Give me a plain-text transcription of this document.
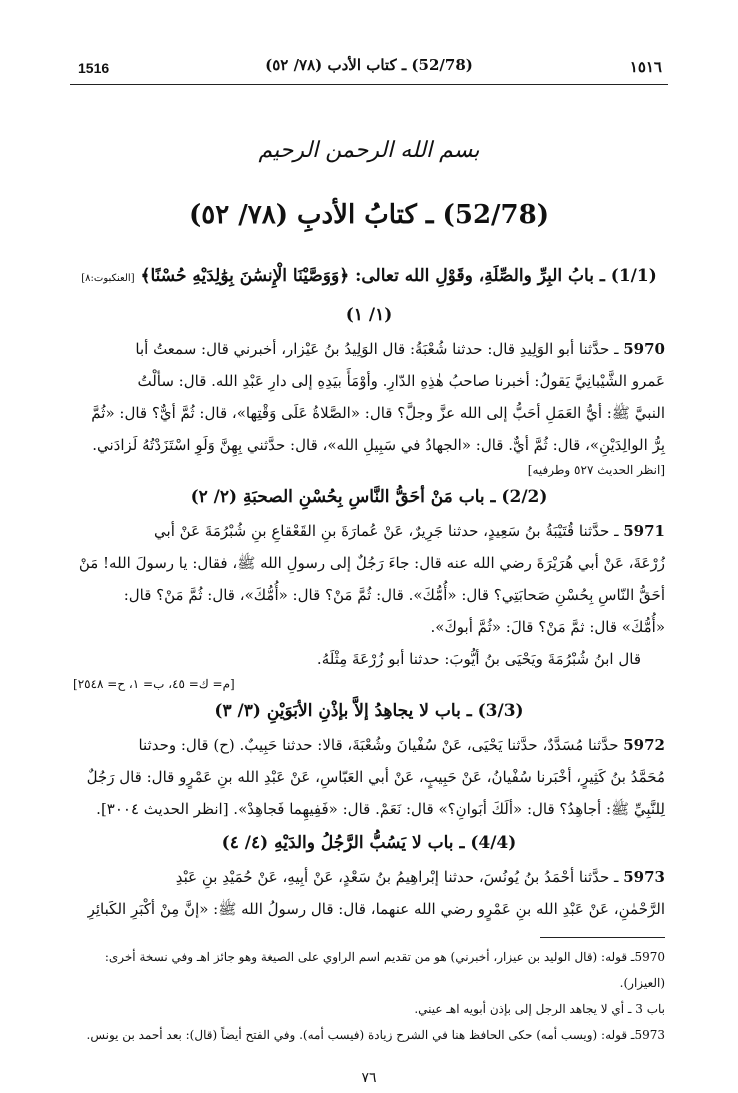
1516	(52/78) ـ كتاب الأدب (٧٨/ ٥٢)	١٥١٦
بسم الله الرحمن الرحيم
(52/78) ـ كتابُ الأدبِ (٧٨/ ٥٢)

(1/1) ـ بابُ البِرِّ والصِّلَةِ، وقَوْلِ الله تعالى: ﴿وَوَصَّيْنَا الْإِنسَٰنَ بِوَٰلِدَيْهِ حُسْنًا﴾ [العنكبوت:٨] (١/ ١)

5970 ـ حدَّثنا أبو الوَلِيدِ قال: حدثنا شُعْبَةُ: قال الوَلِيدُ بنُ عَيْزار، أخبرني قال: سمعتُ أبا

عَمرو الشَّيْبانِيَّ يَقولُ: أخبرنا صاحبُ هٰذِهِ الدّارِ. وأوْمَأَ بيَدِهِ إلى دارِ عَبْدِ الله. قال: سألْتُ

النبيَّ ﷺ: أيُّ العَمَلِ أحَبُّ إلى الله عزَّ وجلَّ؟ قال: «الصَّلاةُ عَلَى وَقْتِها»، قال: ثُمَّ أيٌّ؟ قال: «ثُمَّ

بِرُّ الوالِدَيْنِ»، قال: ثُمَّ أيٌّ. قال: «الجهادُ في سَبِيلِ الله»، قال: حدَّثني بِهِنَّ وَلَوِ اسْتَزَدْتُهُ لَزادَني.

[انظر الحديث ٥٢٧ وطرفيه]

(2/2) ـ باب مَنْ أحَقُّ النَّاسِ بِحُسْنِ الصحبَةِ (٢/ ٢)

5971 ـ حدَّثنا قُتَيْبَةُ بنُ سَعِيدٍ، حدثنا جَرِيرٌ، عَنْ عُمارَةَ بنِ القَعْقاعِ بنِ شُبْرُمَةَ عَنْ أبي

زُرْعَةَ، عَنْ أبي هُرَيْرَةَ رضي الله عنه قال: جاءَ رَجُلٌ إلى رسولِ الله ﷺ، فقال: يا رسولَ الله! مَنْ

أحَقُّ النّاسِ بِحُسْنِ صَحابَتِي؟ قال: «أُمُّكَ». قال: ثُمَّ مَنْ؟ قال: «أُمُّكَ»، قال: ثُمَّ مَنْ؟ قال:

«أُمُّكَ» قال: ثمَّ مَنْ؟ قالَ: «ثُمَّ أبوكَ».

قال ابنُ شُبْرُمَةَ ويَحْيَى بنُ أيُّوبَ: حدثنا أبو زُرْعَةَ مِثْلَهُ.

[م= ك= ٤٥، ب= ١، ح= ٢٥٤٨]

(3/3) ـ باب لا يجاهِدُ إلاَّ بإذْنِ الأبَوَيْنِ (٣/ ٣)

5972 حدَّثنا مُسَدَّدٌ، حدَّثنا يَحْيَى، عَنْ سُفْيانَ وشُعْبَةَ، قالا: حدثنا حَبِيبٌ. (ح) قال: وحدثنا

مُحَمَّدُ بنُ كَثِيرٍ، أخْبَرنا سُفْيانُ، عَنْ حَبِيبٍ، عَنْ أبي العَبّاسِ، عَنْ عَبْدِ الله بنِ عَمْرٍو قال: قال رَجُلٌ

لِلنَّبِيِّ ﷺ: أجاهِدُ؟ قال: «ألَكَ أبَوانِ؟» قال: نَعَمْ. قال: «فَفِيهِما فَجاهِدْ». [انظر الحديث ٣٠٠٤].

(4/4) ـ باب لا يَسُبُّ الرَّجُلُ والدَيْهِ (٤/ ٤)

5973 ـ حدَّثنا أحْمَدُ بنُ يُونُسَ، حدثنا إبْراهِيمُ بنُ سَعْدٍ، عَنْ أبِيهِ، عَنْ حُمَيْدِ بنِ عَبْدِ

الرَّحْمٰنِ، عَنْ عَبْدِ الله بنِ عَمْرٍو رضي الله عنهما، قال: قال رسولُ الله ﷺ: «إنَّ مِنْ أكْبَرِ الكَبائِرِ

5970ـ قوله: (قال الوليد بن عيزار، أخبرني) هو من تقديم اسم الراوي على الصيغة وهو جائز اهـ وفي نسخة أخرى: (العيزار).

باب 3 ـ أي لا يجاهد الرجل إلى بإذن أبويه اهـ عيني.

5973ـ قوله: (ويسب أمه) حكى الحافظ هنا في الشرح زيادة (فيسب أمه). وفي الفتح أيضاً (قال): بعد أحمد بن يونس.

٧٦
